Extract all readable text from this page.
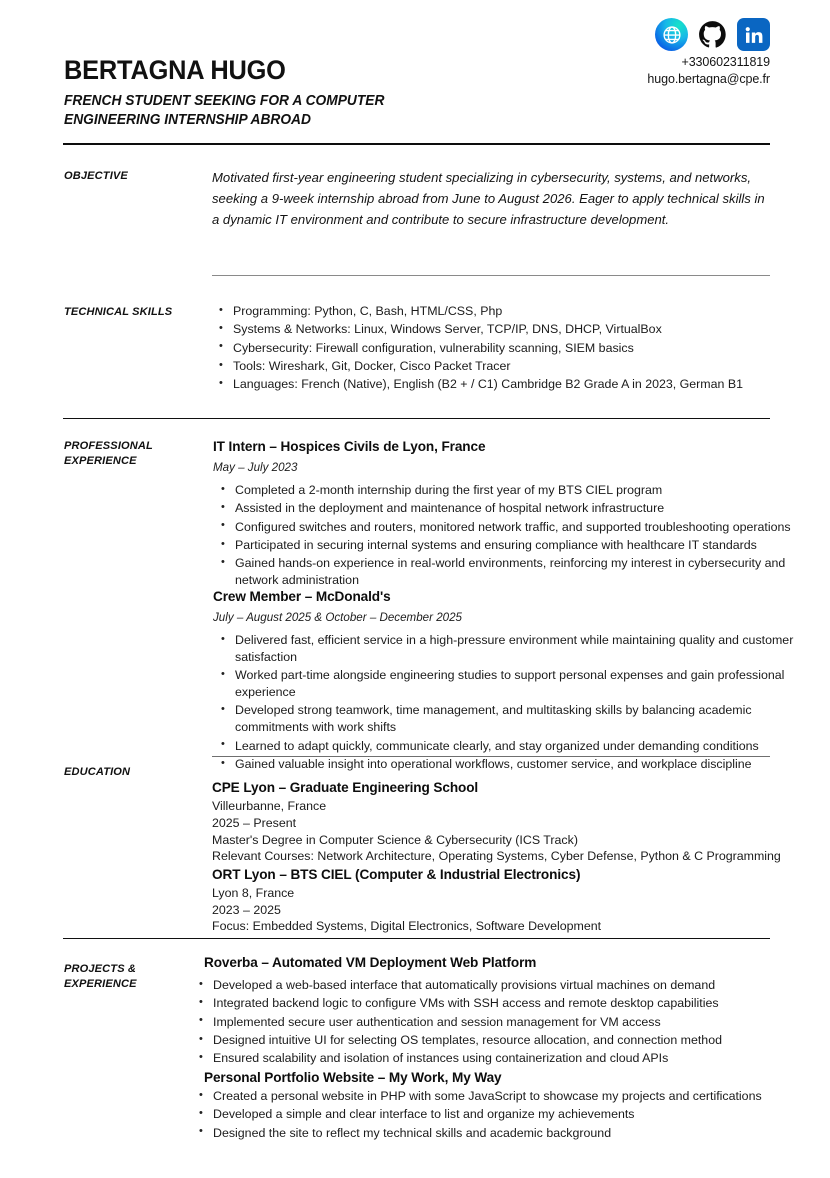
BERTAGNA HUGO
FRENCH STUDENT SEEKING FOR A COMPUTER
ENGINEERING INTERNSHIP ABROAD
+330602311819
hugo.bertagna@cpe.fr
OBJECTIVE	Motivated first-year engineering student specializing in cybersecurity, systems, and networks, seeking a 9-week internship abroad from June to August 2026. Eager to apply technical skills in a dynamic IT environment and contribute to secure infrastructure development.
TECHNICAL SKILLS	• Programming: Python, C, Bash, HTML/CSS, Php
• Systems & Networks: Linux, Windows Server, TCP/IP, DNS, DHCP, VirtualBox
• Cybersecurity: Firewall configuration, vulnerability scanning, SIEM basics
• Tools: Wireshark, Git, Docker, Cisco Packet Tracer
• Languages: French (Native), English (B2 + / C1) Cambridge B2 Grade A in 2023, German B1
PROFESSIONAL
EXPERIENCE
IT Intern – Hospices Civils de Lyon, France
May – July 2023
• Completed a 2-month internship during the first year of my BTS CIEL program
• Assisted in the deployment and maintenance of hospital network infrastructure
• Configured switches and routers, monitored network traffic, and supported troubleshooting operations
• Participated in securing internal systems and ensuring compliance with healthcare IT standards
• Gained hands-on experience in real-world environments, reinforcing my interest in cybersecurity and network administration
Crew Member – McDonald's
July – August 2025 & October – December 2025
• Delivered fast, efficient service in a high-pressure environment while maintaining quality and customer satisfaction
• Worked part-time alongside engineering studies to support personal expenses and gain professional experience
• Developed strong teamwork, time management, and multitasking skills by balancing academic commitments with work shifts
• Learned to adapt quickly, communicate clearly, and stay organized under demanding conditions
• Gained valuable insight into operational workflows, customer service, and workplace discipline
EDUCATION
CPE Lyon – Graduate Engineering School
Villeurbanne, France
2025 – Present
Master's Degree in Computer Science & Cybersecurity (ICS Track)
Relevant Courses: Network Architecture, Operating Systems, Cyber Defense, Python & C Programming
ORT Lyon – BTS CIEL (Computer & Industrial Electronics)
Lyon 8, France
2023 – 2025
Focus: Embedded Systems, Digital Electronics, Software Development
PROJECTS &
EXPERIENCE
Roverba – Automated VM Deployment Web Platform
• Developed a web-based interface that automatically provisions virtual machines on demand
• Integrated backend logic to configure VMs with SSH access and remote desktop capabilities
• Implemented secure user authentication and session management for VM access
• Designed intuitive UI for selecting OS templates, resource allocation, and connection method
• Ensured scalability and isolation of instances using containerization and cloud APIs
Personal Portfolio Website – My Work, My Way
• Created a personal website in PHP with some JavaScript to showcase my projects and certifications
• Developed a simple and clear interface to list and organize my achievements
• Designed the site to reflect my technical skills and academic background
